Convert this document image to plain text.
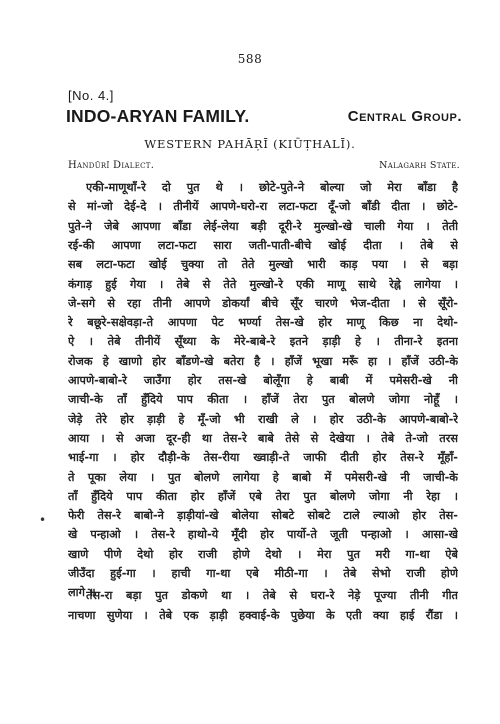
588
[No. 4.]
INDO-ARYAN FAMILY.	Central Group.
WESTERN PAHĀṚĪ (KIŪṬHALĪ).
Handūrī Dialect.	Nalagarh State.
•
एकी-माणूथाँ-रे दो पुत थे । छोटे-पुते-ने बोल्या जो मेरा बाँडा है
से मां-जो देई-दे । तीनीयें आपणे-घरो-रा लटा-फटा दूँ-जो बाँडी दीता । छोटे-
पुते-ने जेबे आपणा बाँडा लेई-लेया बड़ी दूरी-रे मुल्खो-खे चाली गेया । तेती
रई-की आपणा लटा-फटा सारा जती-पाती-बीचे खोई दीता । तेबे से
सब लटा-फटा खोई चुक्या तो तेते मुल्खो भारी काड़ पया । से बड़ा
कंगाड़ हुई गेया । तेबे से तेते मुल्खो-रे एकी माणू साथे रेह्ने लागेया ।
जे-सगे से रहा तीनी आपणे डोकर्यां बीचे सूँर चारणे भेज-दीता । से सूँरो-
रे बछूरे-सक्षेवड़ा-ते आपणा पेट भर्ण्या तेस-खे होर माणू किछ ना देथो-
ऐ । तेबे तीनीयें सूँथ्या के मेरे-बाबे-रे इतने ड़ाड़ी हे । तीना-रे इतना
रोजक हे खाणो होर बाँडणे-खे बतेरा है । हाँजें भूखा मरूँ हा । हाँजें उठी-के
आपणे-बाबो-रे जाउँगा होर तस-खे बोलूँगा हे बाबी में पमेसरी-खे नी
जाची-के ताँ हुँदिये पाप कीता । हाँजें तेरा पुत बोलणे जोगा नोहूँ ।
जेड़े तेरे होर ड़ाड़ी हे मूँ-जो भी राखी ले । होर उठी-के आपणे-बाबो-रे
आया । से अजा दूर-ही था तेस-रे बाबे तेसे से देखेया । तेबे ते-जो तरस
भाई-गा । होर दौड़ी-के तेस-रीया ख्वाड़ी-ते जाफी दीती होर तेस-रे मूँहाँ-
ते पूका लेया । पुत बोलणे लागेया हे बाबो में पमेसरी-खे नी जाची-के
ताँ हुँदिये पाप कीता होर हाँजें एबे तेरा पुत बोलणे जोगा नी रेहा ।
फेरी तेस-रे बाबो-ने ड़ाड़ीयां-खे बोलेया सोबटे सोबटे टाले ल्याओ होर तेस-
खे पन्हाओ । तेस-रे हाथो-ये मूँदी होर पार्यो-ते जूती पन्हाओ । आसा-खे
खाणे पीणे देथो होर राजी होणे देथो । मेरा पुत मरी गा-था ऐबे
जीउँदा हुई-गा । हाची गा-था एबे मीठी-गा । तेबे सेभो राजी होणे
लागे ॥
तेस-रा बड़ा पुत डोकणे था । तेबे से घरा-रे नेड़े पूज्या तीनी गीत
नाचणा सुणेया । तेबे एक ड़ाड़ी हक्वाई-के पुछेया के एती क्या हाई रौंडा ।
